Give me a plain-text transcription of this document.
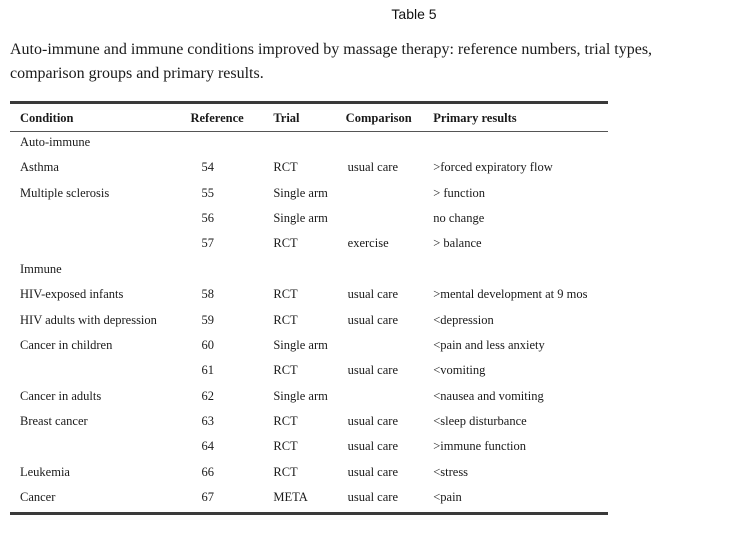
Table 5
Auto-immune and immune conditions improved by massage therapy: reference numbers, trial types,
comparison groups and primary results.
Condition	Reference	Trial	Comparison	Primary results
Auto-immune				
Asthma	54	RCT	usual care	>forced expiratory flow
Multiple sclerosis	55	Single arm		> function
	56	Single arm		no change
	57	RCT	exercise	> balance
Immune				
HIV-exposed infants	58	RCT	usual care	>mental development at 9 mos
HIV adults with depression	59	RCT	usual care	<depression
Cancer in children	60	Single arm		<pain and less anxiety
	61	RCT	usual care	<vomiting
Cancer in adults	62	Single arm		<nausea and vomiting
Breast cancer	63	RCT	usual care	<sleep disturbance
	64	RCT	usual care	>immune function
Leukemia	66	RCT	usual care	<stress
Cancer	67	META	usual care	<pain
